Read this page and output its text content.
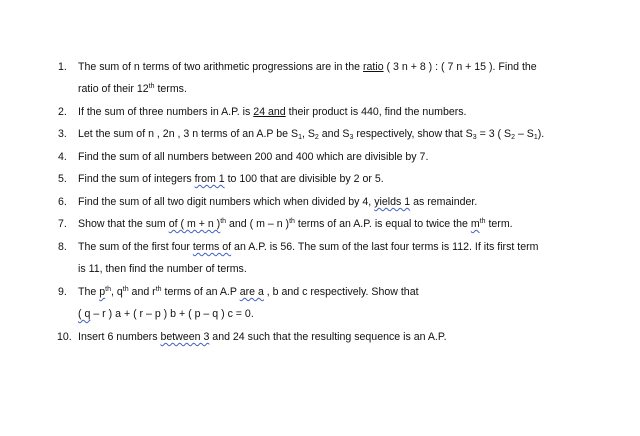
1.	The sum of n terms of two arithmetic progressions are in the ratio ( 3 n + 8 ) : ( 7 n + 15 ). Find the
ratio of their 12th terms.
2.	If the sum of three numbers in A.P. is 24 and their product is 440, find the numbers.
3.	Let the sum of n , 2n , 3 n terms of an A.P be $S_1$, $S_2$ and $S_3$ respectively, show that $S_3 = 3$ ( $S_2 - S_1$).
4.	Find the sum of all numbers between 200 and 400 which are divisible by 7.
5.	Find the sum of integers from 1 to 100 that are divisible by 2 or 5.
6.	Find the sum of all two digit numbers which when divided by 4, yields 1 as remainder.
7.	Show that the sum of ( m + n )$^{th}$ and ( m – n )$^{th}$ terms of an A.P. is equal to twice the $m^{th}$ term.
8.	The sum of the first four terms of an A.P. is 56. The sum of the last four terms is 112. If its first term
is 11, then find the number of terms.
9.	The $p^{th}$, $q^{th}$ and $r^{th}$ terms of an A.P are a , b and c respectively. Show that
( q – r ) a + ( r – p ) b + ( p – q ) c = 0.
10. Insert 6 numbers between 3 and 24 such that the resulting sequence is an A.P.
